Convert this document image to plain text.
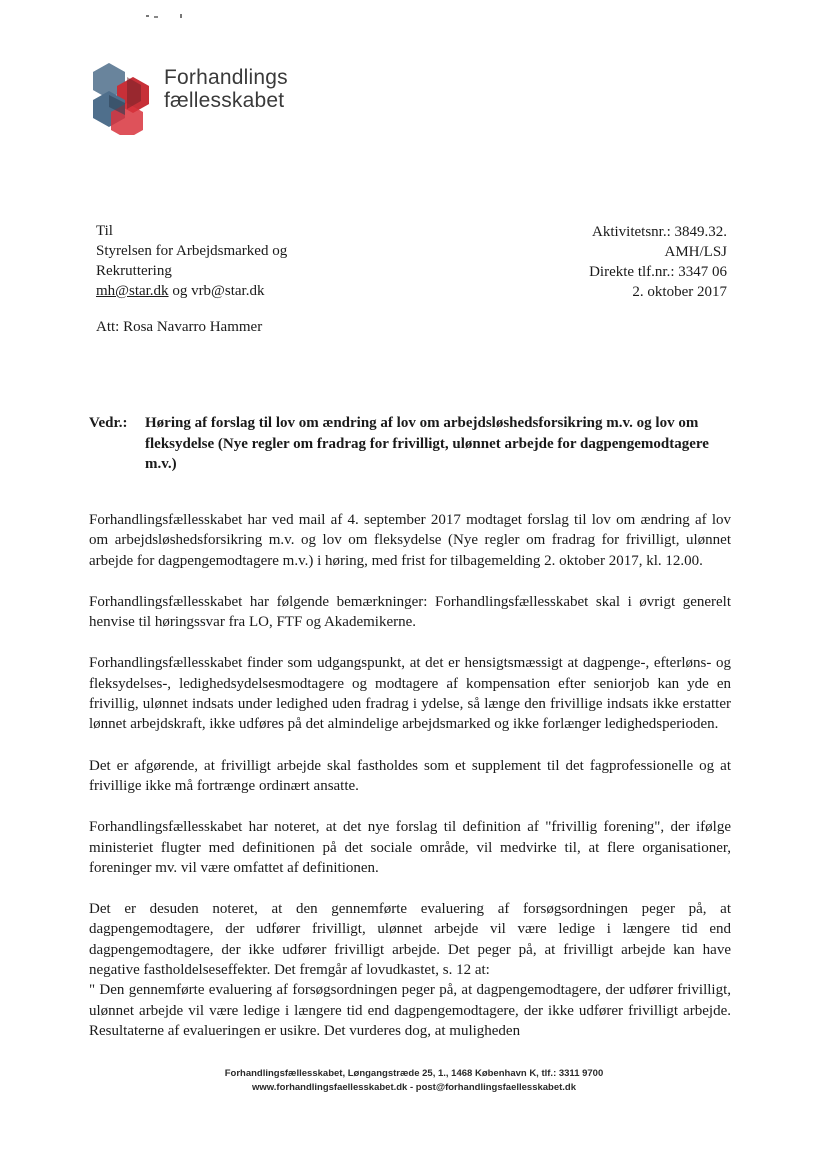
Forhandlings
fællesskabet
Til
Styrelsen for Arbejdsmarked og
Rekruttering
mh@star.dk og vrb@star.dk
Aktivitetsnr.: 3849.32.
AMH/LSJ
Direkte tlf.nr.: 3347 06
2. oktober 2017
Att: Rosa Navarro Hammer
Vedr.: Høring af forslag til lov om ændring af lov om arbejdsløshedsforsikring m.v. og lov om fleksydelse (Nye regler om fradrag for frivilligt, ulønnet arbejde for dagpengemodtagere m.v.)

Forhandlingsfællesskabet har ved mail af 4. september 2017 modtaget forslag til lov om ændring af lov om arbejdsløshedsforsikring m.v. og lov om fleksydelse (Nye regler om fradrag for frivilligt, ulønnet arbejde for dagpengemodtagere m.v.) i høring, med frist for tilbagemelding 2. oktober 2017, kl. 12.00.

Forhandlingsfællesskabet har følgende bemærkninger: Forhandlingsfællesskabet skal i øvrigt generelt henvise til høringssvar fra LO, FTF og Akademikerne.

Forhandlingsfællesskabet finder som udgangspunkt, at det er hensigtsmæssigt at dagpenge-, efterløns- og fleksydelses-, ledighedsydelsesmodtagere og modtagere af kompensation efter seniorjob kan yde en frivillig, ulønnet indsats under ledighed uden fradrag i ydelse, så længe den frivillige indsats ikke erstatter lønnet arbejdskraft, ikke udføres på det almindelige arbejdsmarked og ikke forlænger ledighedsperioden.

Det er afgørende, at frivilligt arbejde skal fastholdes som et supplement til det fagprofessionelle og at frivillige ikke må fortrænge ordinært ansatte.

Forhandlingsfællesskabet har noteret, at det nye forslag til definition af "frivillig forening", der ifølge ministeriet flugter med definitionen på det sociale område, vil medvirke til, at flere organisationer, foreninger mv. vil være omfattet af definitionen.

Det er desuden noteret, at den gennemførte evaluering af forsøgsordningen peger på, at dagpengemodtagere, der udfører frivilligt, ulønnet arbejde vil være ledige i længere tid end dagpengemodtagere, der ikke udfører frivilligt arbejde. Det peger på, at frivilligt arbejde kan have negative fastholdelseseffekter. Det fremgår af lovudkastet, s. 12 at:

" Den gennemførte evaluering af forsøgsordningen peger på, at dagpengemodtagere, der udfører frivilligt, ulønnet arbejde vil være ledige i længere tid end dagpengemodtagere, der ikke udfører frivilligt arbejde. Resultaterne af evalueringen er usikre. Det vurderes dog, at muligheden

Forhandlingsfællesskabet, Løngangstræde 25, 1., 1468 København K, tlf.: 3311 9700
www.forhandlingsfaellesskabet.dk - post@forhandlingsfaellesskabet.dk
